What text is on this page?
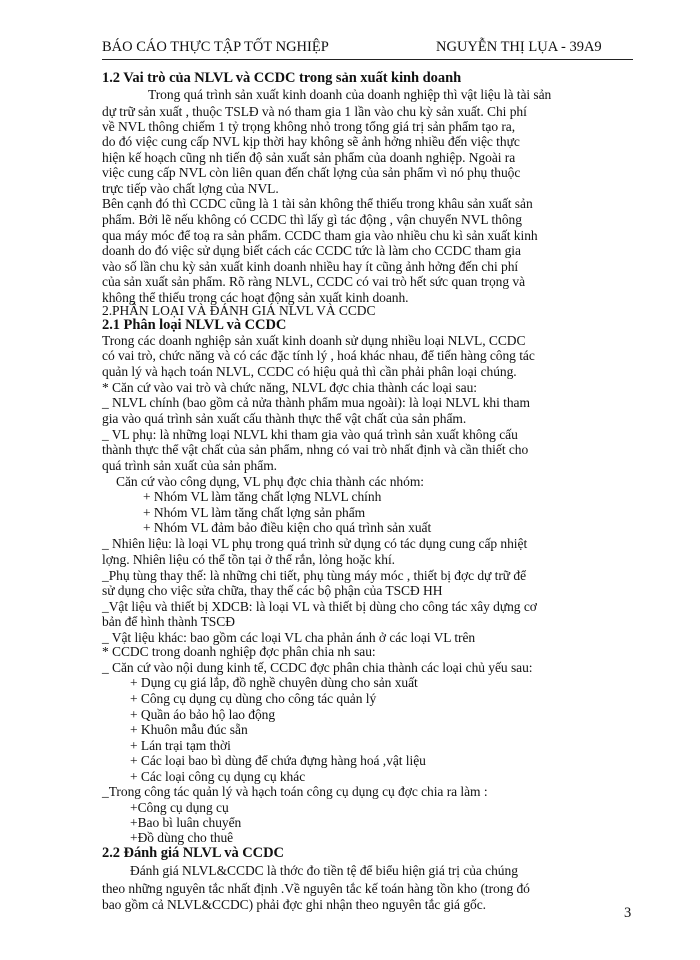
BÁO CÁO THỰC TẬP TỐT NGHIỆP	NGUYỄN THỊ LỤA - 39A9
1.2 Vai trò của NLVL và CCDC trong sản xuất kinh doanh
Trong quá trình sản xuất kinh doanh của doanh nghiệp thì vật liệu là tài sản
dự trữ sản xuất , thuộc TSLĐ và nó tham gia 1 lần vào chu kỳ sản xuất. Chi phí
về NVL thông chiếm 1 tỷ trọng không nhỏ trong tổng giá trị sản phẩm tạo ra,
do đó việc cung cấp NVL kịp thời hay không sẽ ảnh hởng nhiều đến việc thực
hiện kế hoạch cũng nh tiến độ sản xuất sản phẩm của doanh nghiệp. Ngoài ra
việc cung cấp NVL còn liên quan đến chất lợng của sản phẩm vì nó phụ thuộc
trực tiếp vào chất lợng của NVL.
Bên cạnh đó thì CCDC cũng là 1 tài sản không thể thiếu trong khâu sản xuất sản
phẩm. Bởi lẽ nếu không có CCDC thì lấy gì tác động , vận chuyển NVL thông
qua máy móc để toạ ra sản phẩm. CCDC tham gia vào nhiều chu kì sản xuất kinh
doanh do đó việc sử dụng biết cách các CCDC tức là làm cho CCDC tham gia
vào số lần chu kỳ sản xuất kinh doanh nhiều hay ít cũng ảnh hởng đến chi phí
của sản xuất sản phẩm. Rõ ràng NLVL, CCDC có vai trò hết sức quan trọng và
không thể thiếu trong các hoạt động sản xuất kinh doanh.
2.PHÂN LOẠI VÀ ĐÁNH GIÁ NLVL VÀ CCDC
2.1 Phân loại NLVL và CCDC
Trong các doanh nghiệp sản xuất kinh doanh sử dụng nhiều loại NLVL, CCDC
có vai trò, chức năng và có các đặc tính lý , hoá khác nhau, để tiến hàng công tác
quản lý và hạch toán NLVL, CCDC có hiệu quả thì cần phải phân loại chúng.
* Căn cứ vào vai trò và chức năng, NLVL đợc chia thành các loại sau:
_ NLVL chính (bao gồm cả nửa thành phẩm mua ngoài): là loại NLVL khi tham
gia vào quá trình sản xuất cấu thành thực thể vật chất của sản phẩm.
_ VL phụ: là những loại NLVL khi tham gia vào quá trình sản xuất không cấu
thành thực thể vật chất của sản phẩm, nhng có vai trò nhất định và cần thiết cho
quá trình sản xuất của sản phẩm.
Căn cứ vào công dụng, VL phụ đợc chia thành các nhóm:
+ Nhóm VL làm tăng chất lợng NLVL chính
+ Nhóm VL làm tăng chất lợng sản phẩm
+ Nhóm VL đảm bảo điều kiện cho quá trình sản xuất
_ Nhiên liệu: là loại VL phụ trong quá trình sử dụng có tác dụng cung cấp nhiệt
lợng. Nhiên liệu có thể tồn tại ở thể rắn, lỏng hoặc khí.
_Phụ tùng thay thế: là những chi tiết, phụ tùng máy móc , thiết bị đợc dự trữ để
sử dụng cho việc sửa chữa, thay thế các bộ phận của TSCĐ HH
_Vật liệu và thiết bị XDCB: là loại VL và thiết bị dùng cho công tác xây dựng cơ
bản để hình thành TSCĐ
_ Vật liệu khác: bao gồm các loại VL cha phản ánh ở các loại VL trên
* CCDC trong doanh nghiệp đợc phân chia nh sau:
_ Căn cứ vào nội dung kinh tế, CCDC đợc phân chia thành các loại chủ yếu sau:
+ Dụng cụ giá lắp, đồ nghề chuyên dùng cho sản xuất
+ Công cụ dụng cụ dùng cho công tác quản lý
+ Quần áo bảo hộ lao động
+ Khuôn mẫu đúc sẵn
+ Lán trại tạm thời
+ Các loại bao bì dùng để chứa đựng hàng hoá ,vật liệu
+ Các loại công cụ dụng cụ khác
_Trong công tác quản lý và hạch toán công cụ dụng cụ đợc chia ra làm :
+Công cụ dụng cụ
+Bao bì luân chuyển
+Đồ dùng cho thuê
2.2 Đánh giá NLVL và CCDC
Đánh giá NLVL&CCDC là thớc đo tiền tệ để biểu hiện giá trị của chúng
theo những nguyên tắc nhất định .Về nguyên tắc kế toán hàng tồn kho (trong đó
bao gồm cả NLVL&CCDC) phải đợc ghi nhận theo nguyên tắc giá gốc.
3
